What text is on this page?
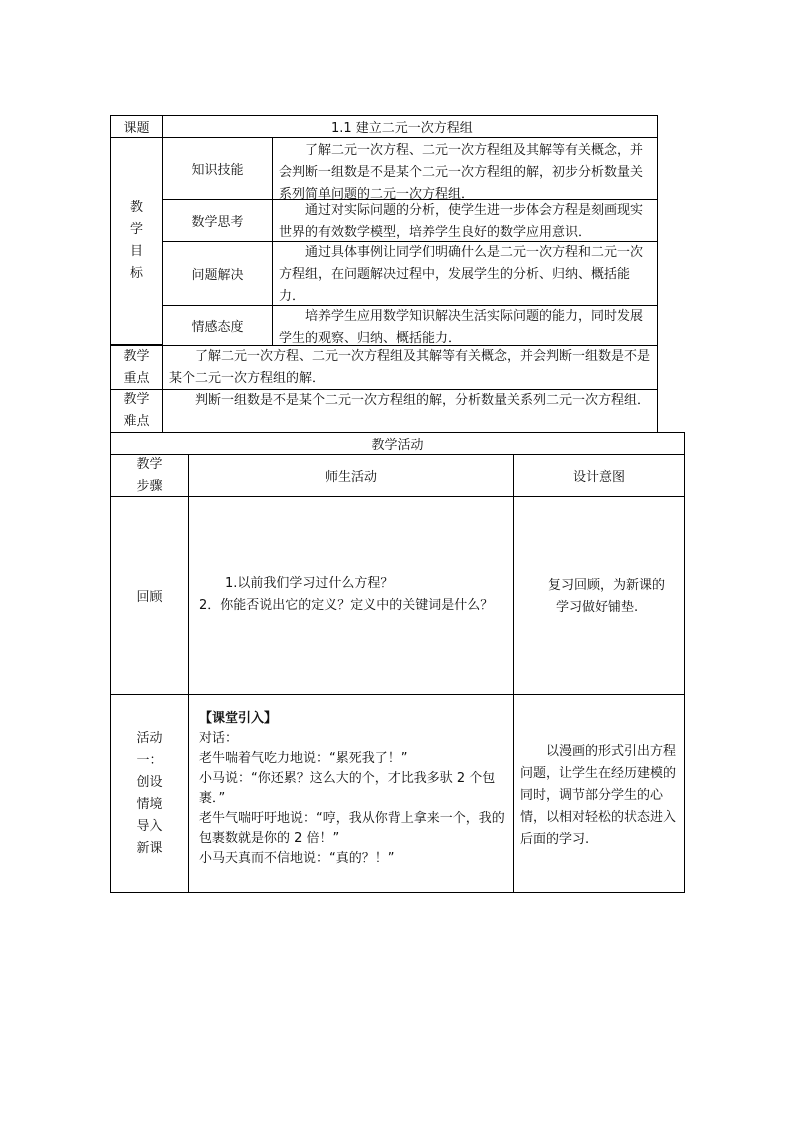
课题	1.1 建立二元一次方程组
教
学
目
标
知识技能
了解二元一次方程、二元一次方程组及其解等有关概念，并会判断一组数是不是某个二元一次方程组的解，初步分析数量关系列简单问题的二元一次方程组．
数学思考
通过对实际问题的分析，使学生进一步体会方程是刻画现实世界的有效数学模型，培养学生良好的数学应用意识．
问题解决
通过具体事例让同学们明确什么是二元一次方程和二元一次方程组，在问题解决过程中，发展学生的分析、归纳、概括能力．
情感态度
培养学生应用数学知识解决生活实际问题的能力，同时发展学生的观察、归纳、概括能力．
教学
重点
了解二元一次方程、二元一次方程组及其解等有关概念，并会判断一组数是不是某个二元一次方程组的解．
教学
难点
判断一组数是不是某个二元一次方程组的解，分析数量关系列二元一次方程组．
教学活动
教学
步骤
师生活动	设计意图
回顾
1.以前我们学习过什么方程？
2．你能否说出它的定义？定义中的关键词是什么？
复习回顾，为新课的
学习做好铺垫.
活动
一：
创设
情境
导入
新课
【课堂引入】
对话：
老牛喘着气吃力地说：“累死我了！”
小马说：“你还累？这么大的个，才比我多驮 2 个包裹．”
老牛气喘吁吁地说：“哼，我从你背上拿来一个，我的包裹数就是你的 2 倍！”
小马天真而不信地说：“真的？！”
以漫画的形式引出方程问题，让学生在经历建模的同时，调节部分学生的心情，以相对轻松的状态进入后面的学习.
